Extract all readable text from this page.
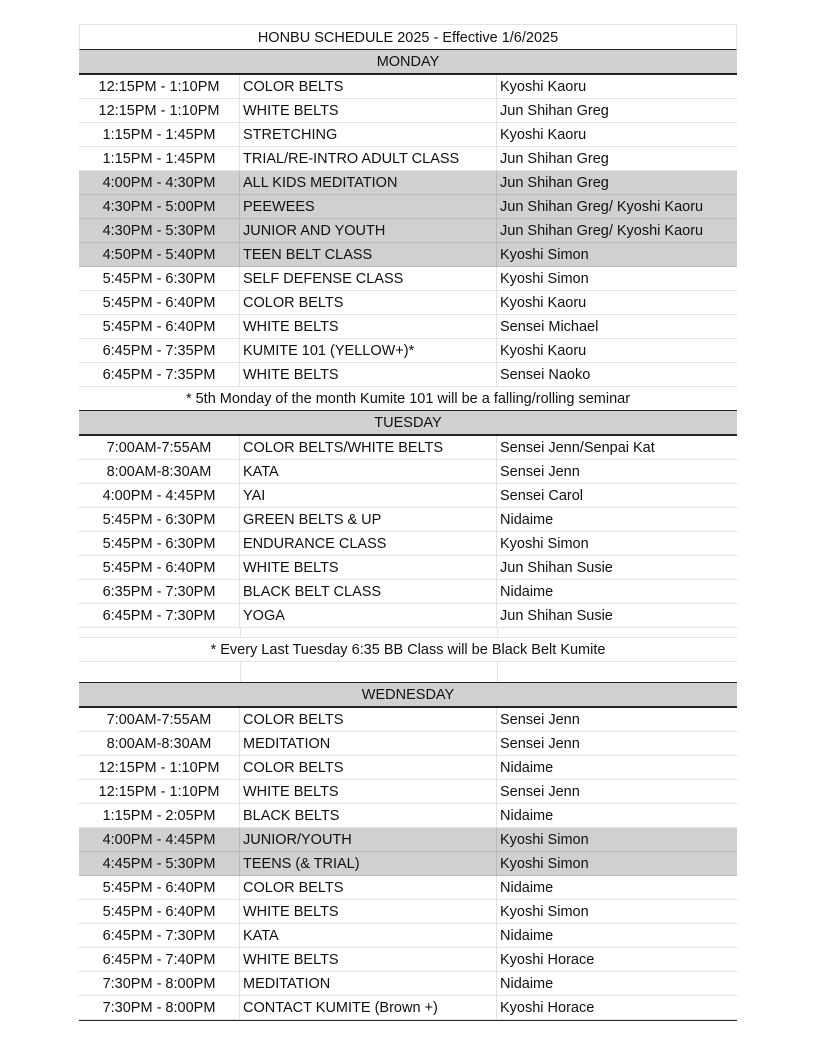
HONBU SCHEDULE 2025 - Effective 1/6/2025
MONDAY
12:15PM - 1:10PM	COLOR BELTS	Kyoshi Kaoru
12:15PM - 1:10PM	WHITE BELTS	Jun Shihan Greg
1:15PM - 1:45PM	STRETCHING	Kyoshi Kaoru
1:15PM - 1:45PM	TRIAL/RE-INTRO ADULT CLASS	Jun Shihan Greg
4:00PM - 4:30PM	ALL KIDS MEDITATION	Jun Shihan Greg
4:30PM - 5:00PM	PEEWEES	Jun Shihan Greg/ Kyoshi Kaoru
4:30PM - 5:30PM	JUNIOR AND YOUTH	Jun Shihan Greg/ Kyoshi Kaoru
4:50PM - 5:40PM	TEEN BELT CLASS	Kyoshi Simon
5:45PM - 6:30PM	SELF DEFENSE CLASS	Kyoshi Simon
5:45PM - 6:40PM	COLOR BELTS	Kyoshi Kaoru
5:45PM - 6:40PM	WHITE BELTS	Sensei Michael
6:45PM - 7:35PM	KUMITE 101 (YELLOW+)*	Kyoshi Kaoru
6:45PM - 7:35PM	WHITE BELTS	Sensei Naoko
* 5th Monday of the month Kumite 101 will be a falling/rolling seminar
TUESDAY
7:00AM-7:55AM	COLOR BELTS/WHITE BELTS	Sensei Jenn/Senpai Kat
8:00AM-8:30AM	KATA	Sensei Jenn
4:00PM - 4:45PM	YAI	Sensei Carol
5:45PM - 6:30PM	GREEN BELTS & UP	Nidaime
5:45PM - 6:30PM	ENDURANCE CLASS	Kyoshi Simon
5:45PM - 6:40PM	WHITE BELTS	Jun Shihan Susie
6:35PM - 7:30PM	BLACK BELT CLASS	Nidaime
6:45PM - 7:30PM	YOGA	Jun Shihan Susie
* Every Last Tuesday 6:35 BB Class will be Black Belt Kumite
WEDNESDAY
7:00AM-7:55AM	COLOR BELTS	Sensei Jenn
8:00AM-8:30AM	MEDITATION	Sensei Jenn
12:15PM - 1:10PM	COLOR BELTS	Nidaime
12:15PM - 1:10PM	WHITE BELTS	Sensei Jenn
1:15PM - 2:05PM	BLACK BELTS	Nidaime
4:00PM - 4:45PM	JUNIOR/YOUTH	Kyoshi Simon
4:45PM - 5:30PM	TEENS (& TRIAL)	Kyoshi Simon
5:45PM - 6:40PM	COLOR BELTS	Nidaime
5:45PM - 6:40PM	WHITE BELTS	Kyoshi Simon
6:45PM - 7:30PM	KATA	Nidaime
6:45PM - 7:40PM	WHITE BELTS	Kyoshi Horace
7:30PM - 8:00PM	MEDITATION	Nidaime
7:30PM - 8:00PM	CONTACT KUMITE (Brown +)	Kyoshi Horace
